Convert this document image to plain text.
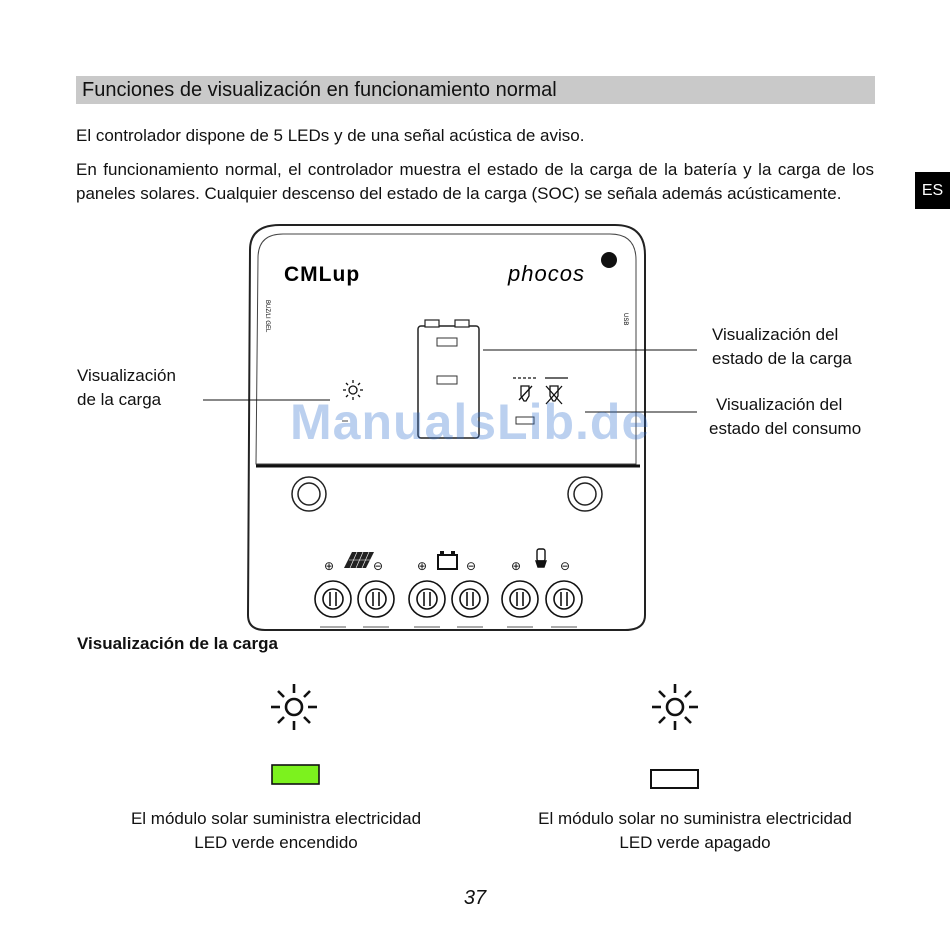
Funciones de visualización en funcionamiento normal
El controlador dispone de 5 LEDs y de una señal acústica de aviso.
En funcionamiento normal, el controlador muestra el estado de la carga de la batería y la carga de los paneles solares. Cualquier descenso del estado de la carga (SOC) se señala además acústicamente.	ES
CMLup	phocos
BUZ/LI GEL	USB
⊕	⊖	⊕	⊖	⊕	⊖
Visualización
de la carga
Visualización del
estado de la carga
Visualización del
estado del consumo
ManualsLib.de
Visualización de la carga
El módulo solar suministra electricidad
LED verde encendido
El módulo solar no suministra electricidad
LED verde apagado
37
